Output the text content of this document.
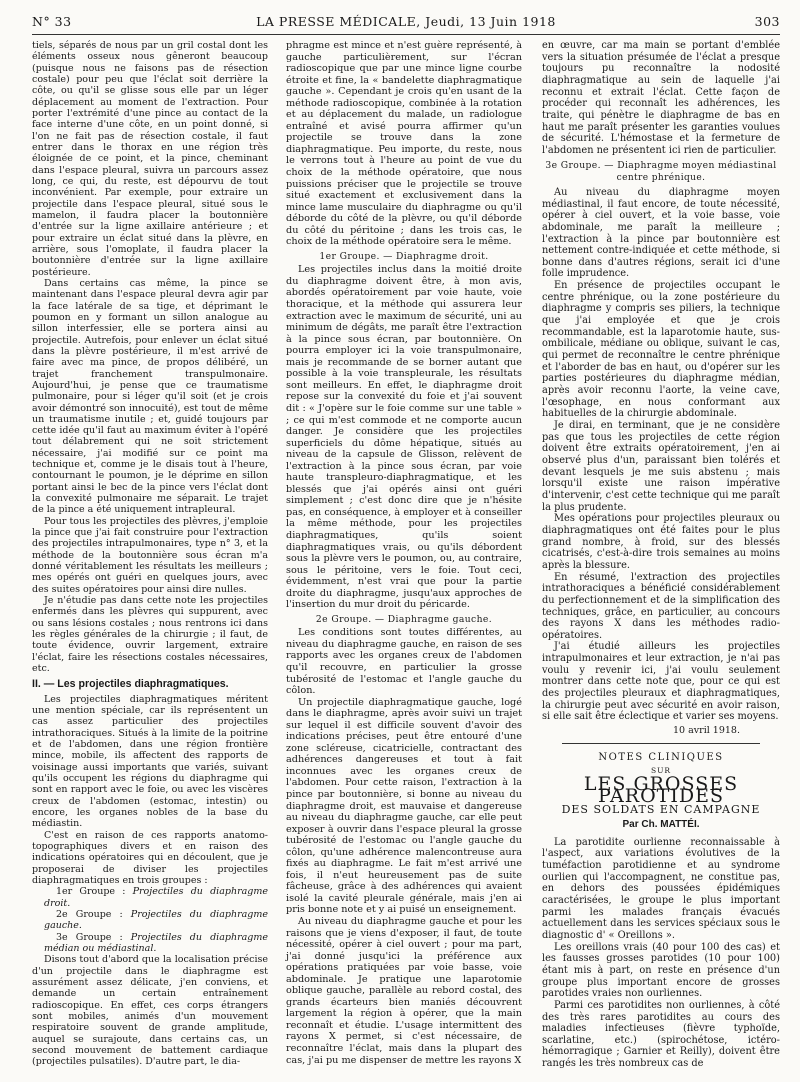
N° 33	LA PRESSE MÉDICALE, Jeudi, 13 Juin 1918	303

tiels, séparés de nous par un gril costal dont les éléments osseux nous gêneront beaucoup (puisque nous ne faisons pas de résection costale) pour peu que l'éclat soit derrière la côte, ou qu'il se glisse sous elle par un léger déplacement au moment de l'extraction. Pour porter l'extrémité d'une pince au contact de la face interne d'une côte, en un point donné, si l'on ne fait pas de résection costale, il faut entrer dans le thorax en une région très éloignée de ce point, et la pince, cheminant dans l'espace pleural, suivra un parcours assez long, ce qui, du reste, est dépourvu de tout inconvénient. Par exemple, pour extraire un projectile dans l'espace pleural, situé sous le mamelon, il faudra placer la boutonnière d'entrée sur la ligne axillaire antérieure ; et pour extraire un éclat situé dans la plèvre, en arrière, sous l'omoplate, il faudra placer la boutonnière d'entrée sur la ligne axillaire postérieure.

Dans certains cas même, la pince se maintenant dans l'espace pleural devra agir par la face latérale de sa tige, et déprimant le poumon en y formant un sillon analogue au sillon interfessier, elle se portera ainsi au projectile. Autrefois, pour enlever un éclat situé dans la plèvre postérieure, il m'est arrivé de faire avec ma pince, de propos délibéré, un trajet franchement transpulmonaire. Aujourd'hui, je pense que ce traumatisme pulmonaire, pour si léger qu'il soit (et je crois avoir démontré son innocuité), est tout de même un traumatisme inutile ; et, guidé toujours par cette idée qu'il faut au maximum éviter à l'opéré tout délabrement qui ne soit strictement nécessaire, j'ai modifié sur ce point ma technique et, comme je le disais tout à l'heure, contournant le poumon, je le déprime en sillon portant ainsi le bec de la pince vers l'éclat dont la convexité pulmonaire me séparait. Le trajet de la pince a été uniquement intrapleural.

Pour tous les projectiles des plèvres, j'emploie la pince que j'ai fait construire pour l'extraction des projectiles intrapulmonaires, type n° 3, et la méthode de la boutonnière sous écran m'a donné véritablement les résultats les meilleurs ; mes opérés ont guéri en quelques jours, avec des suites opératoires pour ainsi dire nulles.

Je n'étudie pas dans cette note les projectiles enfermés dans les plèvres qui suppurent, avec ou sans lésions costales ; nous rentrons ici dans les règles générales de la chirurgie ; il faut, de toute évidence, ouvrir largement, extraire l'éclat, faire les résections costales nécessaires, etc.

II. — Les projectiles diaphragmatiques.

Les projectiles diaphragmatiques méritent une mention spéciale, car ils représentent un cas assez particulier des projectiles intrathoraciques. Situés à la limite de la poitrine et de l'abdomen, dans une région frontière mince, mobile, ils affectent des rapports de voisinage aussi importants que variés, suivant qu'ils occupent les régions du diaphragme qui sont en rapport avec le foie, ou avec les viscères creux de l'abdomen (estomac, intestin) ou encore, les organes nobles de la base du médiastin.

C'est en raison de ces rapports anatomo-topographiques divers et en raison des indications opératoires qui en découlent, que je proposerai de diviser les projectiles diaphragmatiques en trois groupes :

1er Groupe : Projectiles du diaphragme droit.

2e Groupe : Projectiles du diaphragme gauche.

3e Groupe : Projectiles du diaphragme médian ou médiastinal.

Disons tout d'abord que la localisation précise d'un projectile dans le diaphragme est assurément assez délicate, j'en conviens, et demande un certain entraînement radioscopique. En effet, ces corps étrangers sont mobiles, animés d'un mouvement respiratoire souvent de grande amplitude, auquel se surajoute, dans certains cas, un second mouvement de battement cardiaque (projectiles pulsatiles). D'autre part, le dia-

phragme est mince et n'est guère représenté, à gauche particulièrement, sur l'écran radioscopique que par une mince ligne courbe étroite et fine, la « bandelette diaphragmatique gauche ». Cependant je crois qu'en usant de la méthode radioscopique, combinée à la rotation et au déplacement du malade, un radiologue entraîné et avisé pourra affirmer qu'un projectile se trouve dans la zone diaphragmatique. Peu importe, du reste, nous le verrons tout à l'heure au point de vue du choix de la méthode opératoire, que nous puissions préciser que le projectile se trouve situé exactement et exclusivement dans la mince lame musculaire du diaphragme ou qu'il déborde du côté de la plèvre, ou qu'il déborde du côté du péritoine ; dans les trois cas, le choix de la méthode opératoire sera le même.

1er Groupe. — Diaphragme droit.

Les projectiles inclus dans la moitié droite du diaphragme doivent être, à mon avis, abordés opératoirement par voie haute, voie thoracique, et la méthode qui assurera leur extraction avec le maximum de sécurité, uni au minimum de dégâts, me paraît être l'extraction à la pince sous écran, par boutonnière. On pourra employer ici la voie transpulmonaire, mais je recommande de se borner autant que possible à la voie transpleurale, les résultats sont meilleurs. En effet, le diaphragme droit repose sur la convexité du foie et j'ai souvent dit : « J'opère sur le foie comme sur une table » ; ce qui m'est commode et ne comporte aucun danger. Je considère que les projectiles superficiels du dôme hépatique, situés au niveau de la capsule de Glisson, relèvent de l'extraction à la pince sous écran, par voie haute transpleuro-diaphragmatique, et les blessés que j'ai opérés ainsi ont guéri simplement ; c'est donc dire que je n'hésite pas, en conséquence, à employer et à conseiller la même méthode, pour les projectiles diaphragmatiques, qu'ils soient diaphragmatiques vrais, ou qu'ils débordent sous la plèvre vers le poumon, ou, au contraire, sous le péritoine, vers le foie. Tout ceci, évidemment, n'est vrai que pour la partie droite du diaphragme, jusqu'aux approches de l'insertion du mur droit du péricarde.

2e Groupe. — Diaphragme gauche.

Les conditions sont toutes différentes, au niveau du diaphragme gauche, en raison de ses rapports avec les organes creux de l'abdomen qu'il recouvre, en particulier la grosse tubérosité de l'estomac et l'angle gauche du côlon.

Un projectile diaphragmatique gauche, logé dans le diaphragme, après avoir suivi un trajet sur lequel il est difficile souvent d'avoir des indications précises, peut être entouré d'une zone scléreuse, cicatricielle, contractant des adhérences dangereuses et tout à fait inconnues avec les organes creux de l'abdomen. Pour cette raison, l'extraction à la pince par boutonnière, si bonne au niveau du diaphragme droit, est mauvaise et dangereuse au niveau du diaphragme gauche, car elle peut exposer à ouvrir dans l'espace pleural la grosse tubérosité de l'estomac ou l'angle gauche du côlon, qu'une adhérence malencontreuse aura fixés au diaphragme. Le fait m'est arrivé une fois, il n'eut heureusement pas de suite fâcheuse, grâce à des adhérences qui avaient isolé la cavité pleurale générale, mais j'en ai pris bonne note et y ai puisé un enseignement.

Au niveau du diaphragme gauche et pour les raisons que je viens d'exposer, il faut, de toute nécessité, opérer à ciel ouvert ; pour ma part, j'ai donné jusqu'ici la préférence aux opérations pratiquées par voie basse, voie abdominale. Je pratique une laparotomie oblique gauche, parallèle au rebord costal, des grands écarteurs bien maniés découvrent largement la région à opérer, que la main reconnaît et étudie. L'usage intermittent des rayons X permet, si c'est nécessaire, de reconnaître l'éclat, mais dans la plupart des cas, j'ai pu me dispenser de mettre les rayons X

en œuvre, car ma main se portant d'emblée vers la situation présumée de l'éclat a presque toujours pu reconnaître la nodosité diaphragmatique au sein de laquelle j'ai reconnu et extrait l'éclat. Cette façon de procéder qui reconnaît les adhérences, les traite, qui pénètre le diaphragme de bas en haut me paraît présenter les garanties voulues de sécurité. L'hémostase et la fermeture de l'abdomen ne présentent ici rien de particulier.

3e Groupe. — Diaphragme moyen médiastinal
centre phrénique.

Au niveau du diaphragme moyen médiastinal, il faut encore, de toute nécessité, opérer à ciel ouvert, et la voie basse, voie abdominale, me paraît la meilleure ; l'extraction à la pince par boutonnière est nettement contre-indiquée et cette méthode, si bonne dans d'autres régions, serait ici d'une folle imprudence.

En présence de projectiles occupant le centre phrénique, ou la zone postérieure du diaphragme y compris ses piliers, la technique que j'ai employée et que je crois recommandable, est la laparotomie haute, sus-ombilicale, médiane ou oblique, suivant le cas, qui permet de reconnaître le centre phrénique et l'aborder de bas en haut, ou d'opérer sur les parties postérieures du diaphragme médian, après avoir reconnu l'aorte, la veine cave, l'œsophage, en nous conformant aux habituelles de la chirurgie abdominale.

Je dirai, en terminant, que je ne considère pas que tous les projectiles de cette région doivent être extraits opératoirement, j'en ai observé plus d'un, paraissant bien tolérés et devant lesquels je me suis abstenu ; mais lorsqu'il existe une raison impérative d'intervenir, c'est cette technique qui me paraît la plus prudente.

Mes opérations pour projectiles pleuraux ou diaphragmatiques ont été faites pour le plus grand nombre, à froid, sur des blessés cicatrisés, c'est-à-dire trois semaines au moins après la blessure.

En résumé, l'extraction des projectiles intrathoraciques a bénéficié considérablement du perfectionnement et de la simplification des techniques, grâce, en particulier, au concours des rayons X dans les méthodes radio-opératoires.

J'ai étudié ailleurs les projectiles intrapulmonaires et leur extraction, je n'ai pas voulu y revenir ici, j'ai voulu seulement montrer dans cette note que, pour ce qui est des projectiles pleuraux et diaphragmatiques, la chirurgie peut avec sécurité en avoir raison, si elle sait être éclectique et varier ses moyens.

10 avril 1918.
NOTES CLINIQUES
SUR
LES GROSSES PAROTIDES
DES SOLDATS EN CAMPAGNE
Par Ch. MATTÉI.

La parotidite ourlienne reconnaissable à l'aspect, aux variations évolutives de la tuméfaction parotidienne et au syndrome ourlien qui l'accompagnent, ne constitue pas, en dehors des poussées épidémiques caractérisées, le groupe le plus important parmi les malades français évacués actuellement dans les services spéciaux sous le diagnostic d' « Oreillons ».

Les oreillons vrais (40 pour 100 des cas) et les fausses grosses parotides (10 pour 100) étant mis à part, on reste en présence d'un groupe plus important encore de grosses parotides vraies non ourliennes.

Parmi ces parotidites non ourliennes, à côté des très rares parotidites au cours des maladies infectieuses (fièvre typhoïde, scarlatine, etc.) (spirochétose, ictéro-hémorragique ; Garnier et Reilly), doivent être rangés les très nombreux cas de
